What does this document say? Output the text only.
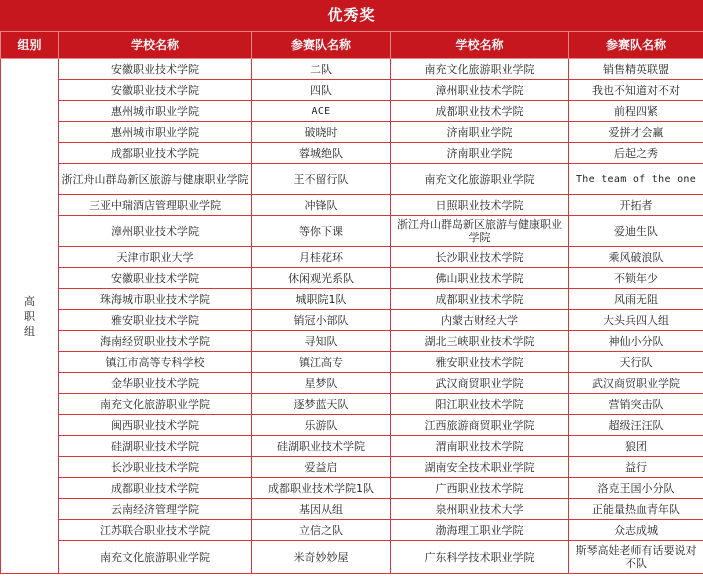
优秀奖
组别	学校名称	参赛队名称	学校名称	参赛队名称
高职组	安徽职业技术学院	二队	南充文化旅游职业学院	销售精英联盟
	安徽职业技术学院	四队	漳州职业技术学院	我也不知道对不对
	惠州城市职业学院	ACE	成都职业技术学院	前程四紧
	惠州城市职业学院	破晓时	济南职业学院	爱拼才会赢
	成都职业技术学院	蓉城绝队	济南职业学院	后起之秀
	浙江舟山群岛新区旅游与健康职业学院	王不留行队	南充文化旅游职业学院	The team of the one
	三亚中瑞酒店管理职业学院	冲锋队	日照职业技术学院	开拓者
	漳州职业技术学院	等你下课	浙江舟山群岛新区旅游与健康职业学院	爱迪生队
	天津市职业大学	月桂花环	长沙职业技术学院	乘风破浪队
	安徽职业技术学院	休闲观光系队	佛山职业技术学院	不锁年少
	珠海城市职业技术学院	城职院1队	成都职业技术学院	风雨无阻
	雅安职业技术学院	销冠小部队	内蒙古财经大学	大头兵四人组
	海南经贸职业技术学院	寻知队	湖北三峡职业技术学院	神仙小分队
	镇江市高等专科学校	镇江高专	雅安职业技术学院	天行队
	金华职业技术学院	星梦队	武汉商贸职业学院	武汉商贸职业学院
	南充文化旅游职业学院	逐梦蓝天队	阳江职业技术学院	营销突击队
	闽西职业技术学院	乐游队	江西旅游商贸职业学院	超级汪汪队
	硅湖职业技术学院	硅湖职业技术学院	渭南职业技术学院	狼团
	长沙职业技术学院	爱益启	湖南安全技术职业学院	益行
	成都职业技术学院	成都职业技术学院1队	广西职业技术学院	洛克王国小分队
	云南经济管理学院	基因从组	泉州职业技术大学	正能量热血青年队
	江苏联合职业技术学院	立信之队	渤海理工职业学院	众志成城
	南充文化旅游职业学院	米奇妙妙屋	广东科学技术职业学院	斯琴高娃老师有话要说对不队
